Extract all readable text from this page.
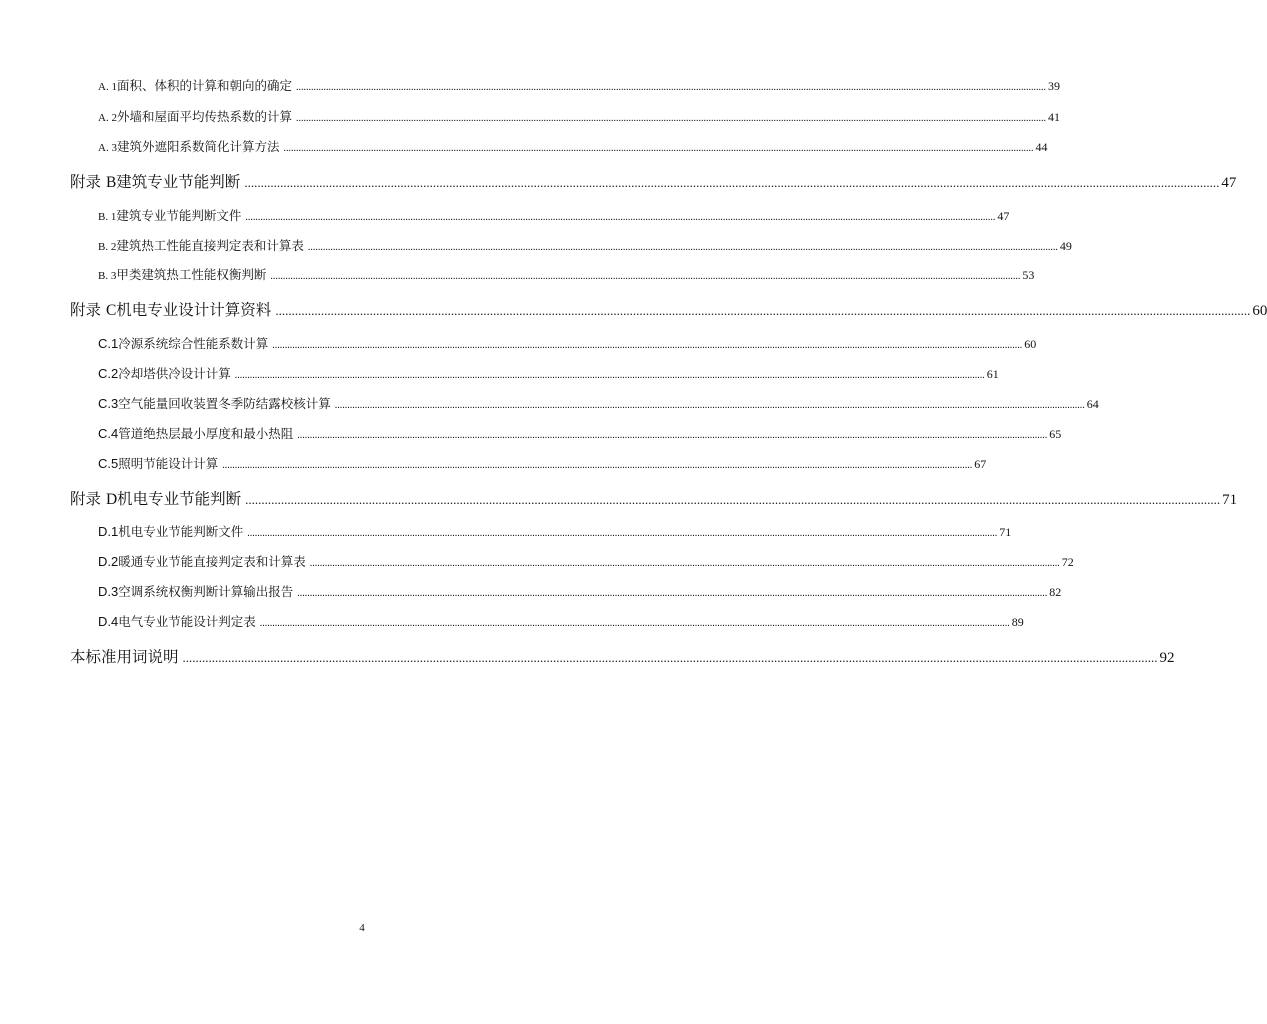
A. 1 面积、体积的计算和朝向的确定 ............................................................................................................................................................................................................................................................................................................ 39
A. 2 外墙和屋面平均传热系数的计算 ............................................................................................................................................................................................................................................................................................................ 41
A. 3 建筑外遮阳系数简化计算方法 ............................................................................................................................................................................................................................................................................................................ 44
附录 B 建筑专业节能判断 ............................................................................................................................................................................................................................................................................................................ 47
B. 1 建筑专业节能判断文件 ............................................................................................................................................................................................................................................................................................................ 47
B. 2 建筑热工性能直接判定表和计算表 ............................................................................................................................................................................................................................................................................................................ 49
B. 3 甲类建筑热工性能权衡判断 ............................................................................................................................................................................................................................................................................................................ 53
附录 C 机电专业设计计算资料 ............................................................................................................................................................................................................................................................................................................ 60
C.1 冷源系统综合性能系数计算 ............................................................................................................................................................................................................................................................................................................ 60
C.2 冷却塔供冷设计计算 ............................................................................................................................................................................................................................................................................................................ 61
C.3 空气能量回收装置冬季防结露校核计算 ............................................................................................................................................................................................................................................................................................................ 64
C.4 管道绝热层最小厚度和最小热阻 ............................................................................................................................................................................................................................................................................................................ 65
C.5 照明节能设计计算 ............................................................................................................................................................................................................................................................................................................ 67
附录 D 机电专业节能判断 ............................................................................................................................................................................................................................................................................................................ 71
D.1 机电专业节能判断文件 ............................................................................................................................................................................................................................................................................................................ 71
D.2 暖通专业节能直接判定表和计算表 ............................................................................................................................................................................................................................................................................................................ 72
D.3 空调系统权衡判断计算输出报告 ............................................................................................................................................................................................................................................................................................................ 82
D.4 电气专业节能设计判定表 ............................................................................................................................................................................................................................................................................................................ 89
本标准用词说明 ............................................................................................................................................................................................................................................................................................................ 92
4
